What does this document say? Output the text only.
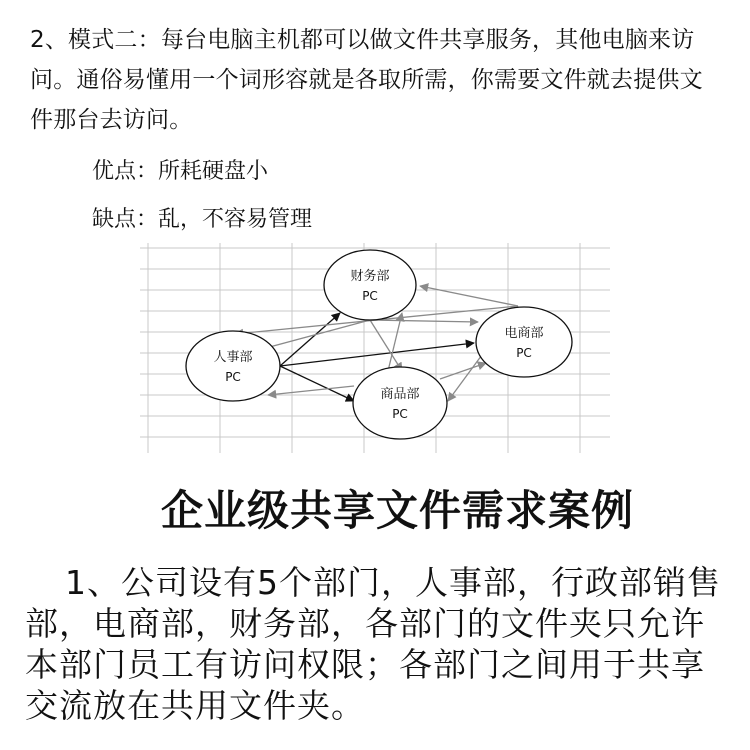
2、模式二：每台电脑主机都可以做文件共享服务，其他电脑来访问。通俗易懂用一个词形容就是各取所需，你需要文件就去提供文件那台去访问。

优点：所耗硬盘小

缺点：乱，不容易管理

财务部
PC
人事部
PC
电商部
PC
商品部
PC
企业级共享文件需求案例

1、公司设有5个部门，人事部，行政部销售部，电商部，财务部，各部门的文件夹只允许本部门员工有访问权限；各部门之间用于共享交流放在共用文件夹。
